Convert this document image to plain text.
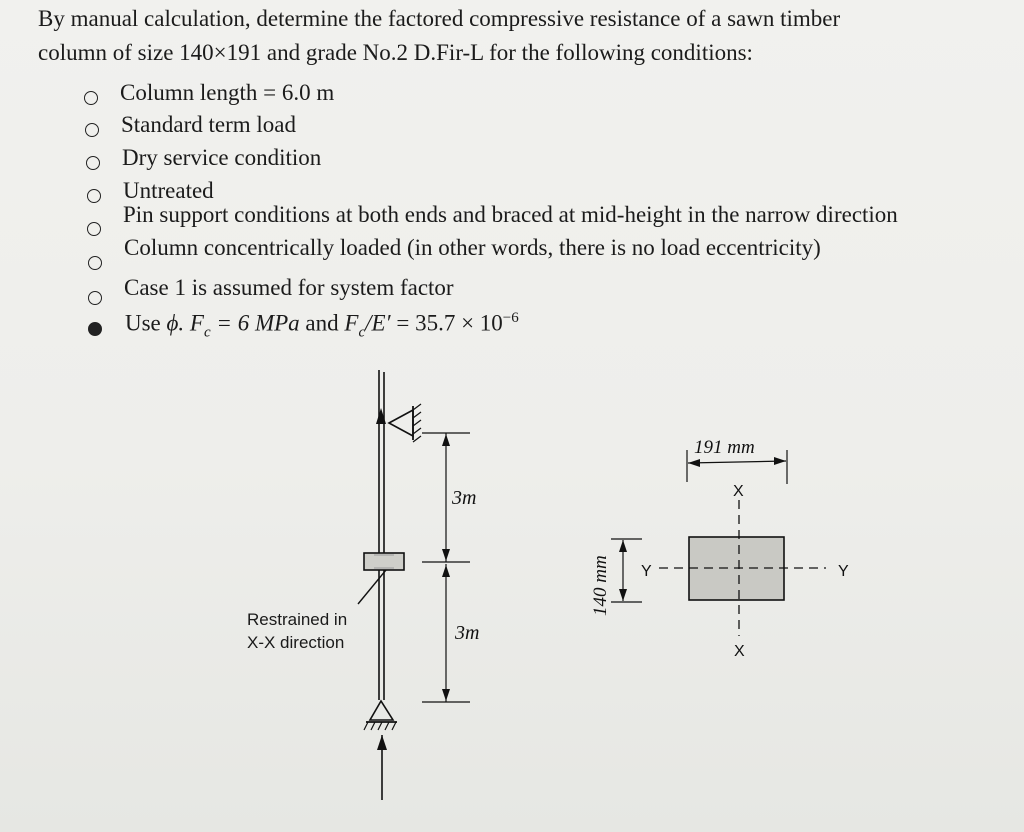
By manual calculation, determine the factored compressive resistance of a sawn timber
column of size 140×191 and grade No.2 D.Fir-L for the following conditions:
Column length = 6.0 m
Standard term load
Dry service condition
Untreated
Pin support conditions at both ends and braced at mid-height in the narrow direction
Column concentrically loaded (in other words, there is no load eccentricity)
Case 1 is assumed for system factor
Use ϕ. $F_c = 6$ MPa and $F_c/E' = 35.7 \times 10^{-6}$
3m
3m
Restrained in
X-X direction
X
X
Y	Y
191 mm
140 mm
